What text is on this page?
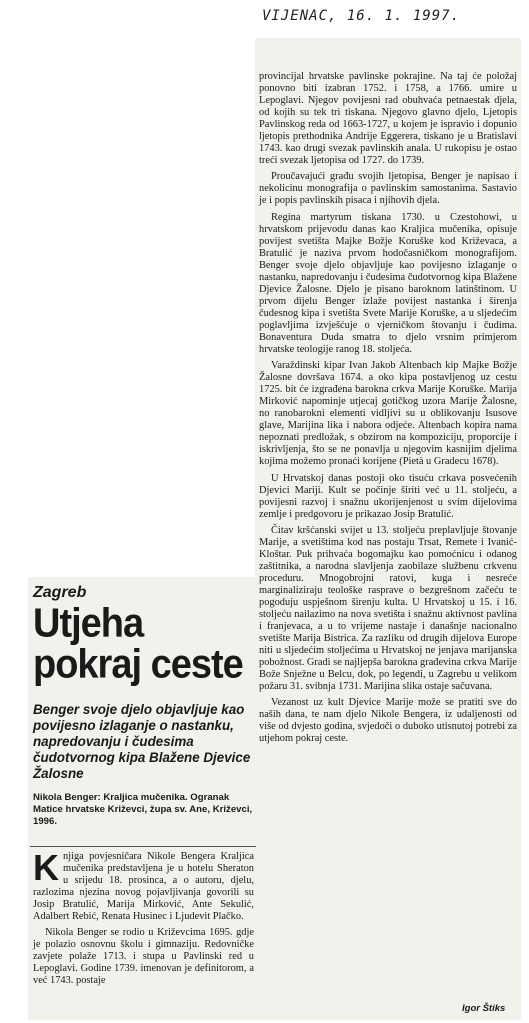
VIJENAC, 16. 1. 1997.
Zagreb
Utjeha pokraj ceste
Benger svoje djelo objavljuje kao povijesno izlaganje o nastanku, napredovanju i čudesima čudotvornog kipa Blažene Djevice Žalosne
Nikola Benger: Kraljica mučenika. Ogranak Matice hrvatske Križevci, župa sv. Ane, Križevci, 1996.

Knjiga povjesničara Nikole Bengera Kraljica mučenika predstavljena je u hotelu Sheraton u srijedu 18. prosinca, a o autoru, djelu, razlozima njezina novog pojavljivanja govorili su Josip Bratulić, Marija Mirković, Ante Sekulić, Adalbert Rebić, Renata Husinec i Ljudevit Plačko.

Nikola Benger se rodio u Križevcima 1695. gdje je polazio osnovnu školu i gimnaziju. Redovničke zavjete polaže 1713. i stupa u Pavlinski red u Lepoglavi. Godine 1739. imenovan je definitorom, a već 1743. postaje

provincijal hrvatske pavlinske pokrajine. Na taj će položaj ponovno biti izabran 1752. i 1758, a 1766. umire u Lepoglavi. Njegov povijesni rad obuhvaća petnaestak djela, od kojih su tek tri tiskana. Njegovo glavno djelo, Ljetopis Pavlinskog reda od 1663-1727, u kojem je ispravio i dopunio ljetopis prethodnika Andrije Eggerera, tiskano je u Bratislavi 1743. kao drugi svezak pavlinskih anala. U rukopisu je ostao treći svezak ljetopisa od 1727. do 1739.

Proučavajući građu svojih ljetopisa, Benger je napisao i nekolicinu monografija o pavlinskim samostanima. Sastavio je i popis pavlinskih pisaca i njihovih djela.

Regina martyrum tiskana 1730. u Czestohowi, u hrvatskom prijevodu danas kao Kraljica mučenika, opisuje povijest svetišta Majke Božje Koruške kod Križevaca, a Bratulić je naziva prvom hodočasničkom monografijom. Benger svoje djelo objavljuje kao povijesno izlaganje o nastanku, napredovanju i čudesima čudotvornog kipa Blažene Djevice Žalosne. Djelo je pisano baroknom latinštinom. U prvom dijelu Benger izlaže povijest nastanka i širenja čudesnog kipa i svetišta Svete Marije Koruške, a u sljedećim poglavljima izvješćuje o vjerničkom štovanju i čudima. Bonaventura Duda smatra to djelo vrsnim primjerom hrvatske teologije ranog 18. stoljeća.

Varaždinski kipar Ivan Jakob Altenbach kip Majke Božje Žalosne dovršava 1674. a oko kipa postavljenog uz cestu 1725. bit će izgrađena barokna crkva Marije Koruške. Marija Mirković napominje utjecaj gotičkog uzora Marije Žalosne, no ranobarokni elementi vidljivi su u oblikovanju Isusove glave, Marijina lika i nabora odjeće. Altenbach kopira nama nepoznati predložak, s obzirom na kompoziciju, proporcije i iskrivljenja, što se ne ponavlja u njegovim kasnijim djelima kojima možemo pronaći korijene (Pietà u Gradecu 1678).

U Hrvatskoj danas postoji oko tisuću crkava posvećenih Djevici Mariji. Kult se počinje širiti već u 11. stoljeću, a povijesni razvoj i snažnu ukorijenjenost u svim dijelovima zemlje i predgovoru je prikazao Josip Bratulić.

Čitav kršćanski svijet u 13. stoljeću preplavljuje štovanje Marije, a svetištima kod nas postaju Trsat, Remete i Ivanić-Kloštar. Puk prihvaća bogomajku kao pomoćnicu i odanog zaštitnika, a narodna slavljenja zaobilaze službenu crkvenu proceduru. Mnogobrojni ratovi, kuga i nesreće marginaliziraju teološke rasprave o bezgrešnom začeću te pogoduju uspješnom širenju kulta. U Hrvatskoj u 15. i 16. stoljeću nailazimo na nova svetišta i snažnu aktivnost pavlina i franjevaca, a u to vrijeme nastaje i današnje nacionalno svetište Marija Bistrica. Za razliku od drugih dijelova Europe niti u sljedećim stoljećima u Hrvatskoj ne jenjava marijanska pobožnost. Gradi se najljepša barokna građevina crkva Marije Bože Snježne u Belcu, dok, po legendi, u Zagrebu u velikom požaru 31. svibnja 1731. Marijina slika ostaje sačuvana.

Vezanost uz kult Djevice Marije može se pratiti sve do naših dana, te nam djelo Nikole Bengera, iz udaljenosti od više od dvjesto godina, svjedoči o duboko utisnutoj potrebi za utjehom pokraj ceste.

Igor Štiks
